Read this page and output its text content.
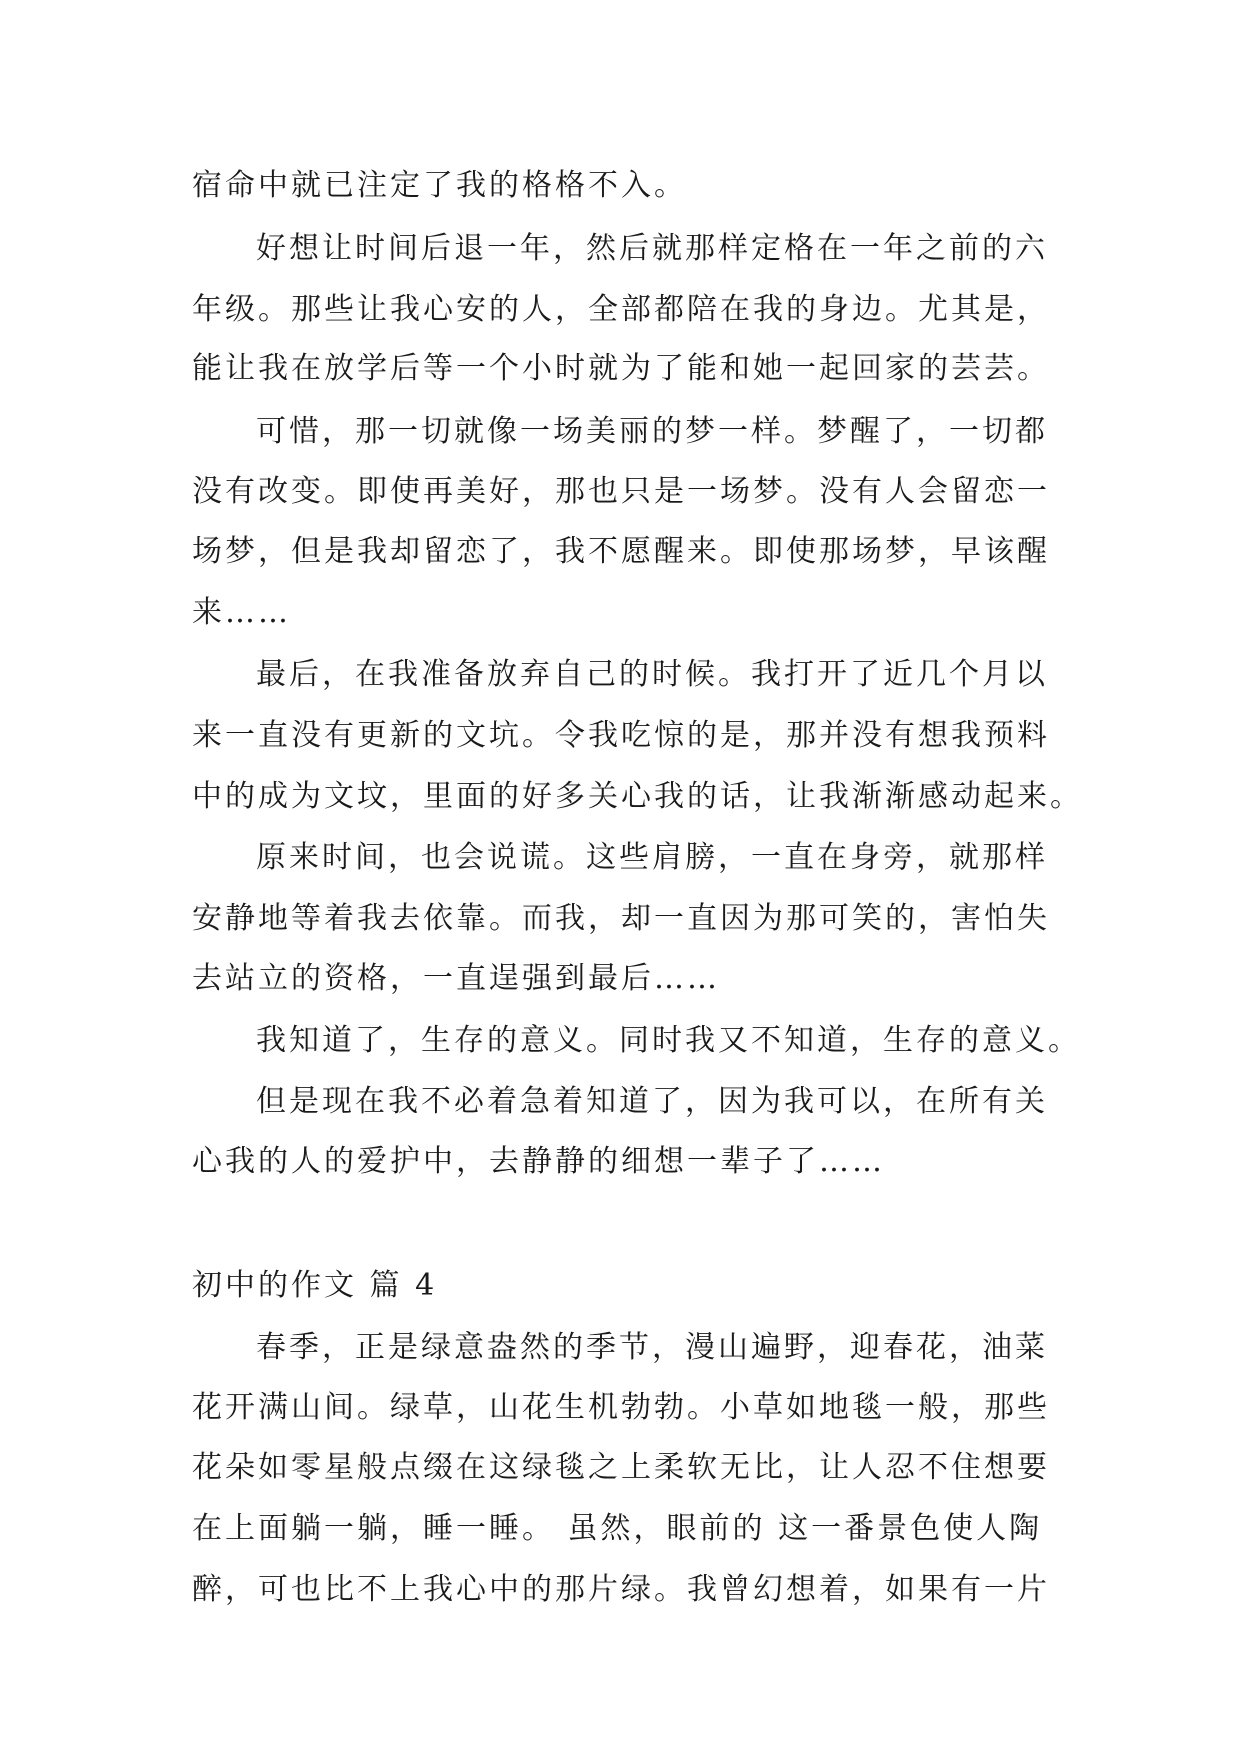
宿命中就已注定了我的格格不入。
好想让时间后退一年，然后就那样定格在一年之前的六
年级。那些让我心安的人，全部都陪在我的身边。尤其是，
能让我在放学后等一个小时就为了能和她一起回家的芸芸。
可惜，那一切就像一场美丽的梦一样。梦醒了，一切都
没有改变。即使再美好，那也只是一场梦。没有人会留恋一
场梦，但是我却留恋了，我不愿醒来。即使那场梦，早该醒
来……
最后，在我准备放弃自己的时候。我打开了近几个月以
来一直没有更新的文坑。令我吃惊的是，那并没有想我预料
中的成为文坟，里面的好多关心我的话，让我渐渐感动起来。
原来时间，也会说谎。这些肩膀，一直在身旁，就那样
安静地等着我去依靠。而我，却一直因为那可笑的，害怕失
去站立的资格，一直逞强到最后……
我知道了，生存的意义。同时我又不知道，生存的意义。
但是现在我不必着急着知道了，因为我可以，在所有关
心我的人的爱护中，去静静的细想一辈子了……
初中的作文 篇 4
春季，正是绿意盎然的季节，漫山遍野，迎春花，油菜
花开满山间。绿草，山花生机勃勃。小草如地毯一般，那些
花朵如零星般点缀在这绿毯之上柔软无比，让人忍不住想要
在上面躺一躺，睡一睡。 虽然，眼前的 这一番景色使人陶
醉，可也比不上我心中的那片绿。我曾幻想着，如果有一片
